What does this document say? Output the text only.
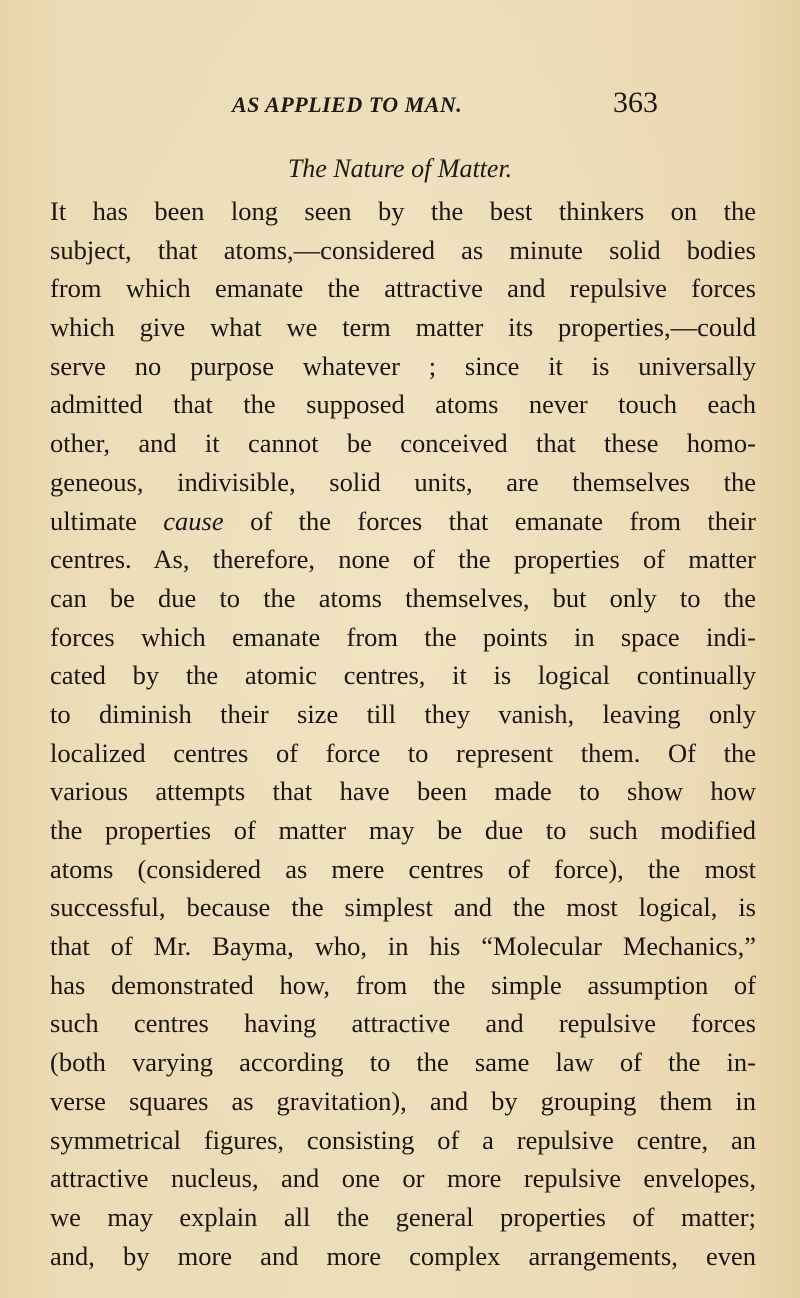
AS APPLIED TO MAN.	363
The Nature of Matter.
It has been long seen by the best thinkers on the
subject, that atoms,—considered as minute solid bodies
from which emanate the attractive and repulsive forces
which give what we term matter its properties,—could
serve no purpose whatever ; since it is universally
admitted that the supposed atoms never touch each
other, and it cannot be conceived that these homo-
geneous, indivisible, solid units, are themselves the
ultimate cause of the forces that emanate from their
centres. As, therefore, none of the properties of matter
can be due to the atoms themselves, but only to the
forces which emanate from the points in space indi-
cated by the atomic centres, it is logical continually
to diminish their size till they vanish, leaving only
localized centres of force to represent them. Of the
various attempts that have been made to show how
the properties of matter may be due to such modified
atoms (considered as mere centres of force), the most
successful, because the simplest and the most logical, is
that of Mr. Bayma, who, in his “Molecular Mechanics,”
has demonstrated how, from the simple assumption of
such centres having attractive and repulsive forces
(both varying according to the same law of the in-
verse squares as gravitation), and by grouping them in
symmetrical figures, consisting of a repulsive centre, an
attractive nucleus, and one or more repulsive envelopes,
we may explain all the general properties of matter;
and, by more and more complex arrangements, even
